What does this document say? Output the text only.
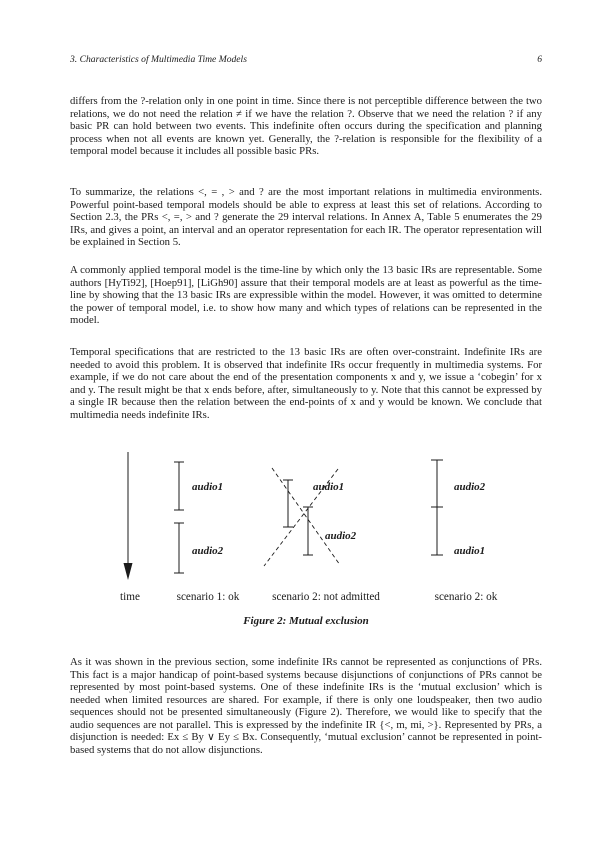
3. Characteristics of Multimedia Time Models	6

differs from the ?-relation only in one point in time. Since there is not perceptible difference between the two relations, we do not need the relation ≠ if we have the relation ?. Observe that we need the relation ? if any basic PR can hold between two events. This indefinite often occurs during the specification and planning process when not all events are known yet. Generally, the ?-relation is responsible for the flexibility of a temporal model because it includes all possible basic PRs.

To summarize, the relations <, = , > and ? are the most important relations in multimedia environments. Powerful point-based temporal models should be able to express at least this set of relations. According to Section 2.3, the PRs <, =, > and ? generate the 29 interval relations. In Annex A, Table 5 enumerates the 29 IRs, and gives a point, an interval and an operator representation for each IR. The operator representation will be explained in Section 5.

A commonly applied temporal model is the time-line by which only the 13 basic IRs are representable. Some authors [HyTi92], [Hoep91], [LiGh90] assure that their temporal models are at least as powerful as the time-line by showing that the 13 basic IRs are expressible within the model. However, it was omitted to determine the power of temporal model, i.e. to show how many and which types of relations can be represented in the model.

Temporal specifications that are restricted to the 13 basic IRs are often over-constraint. Indefinite IRs are needed to avoid this problem. It is observed that indefinite IRs occur frequently in multimedia systems. For example, if we do not care about the end of the presentation components x and y, we issue a ‘cobegin’ for x and y. The result might be that x ends before, after, simultaneously to y. Note that this cannot be expressed by a single IR because then the relation between the end-points of x and y would be known. We conclude that multimedia needs indefinite IRs.

time
audio1
audio2
scenario 1: ok
audio1
audio2
scenario 2: not admitted
audio2
audio1
scenario 2: ok
Figure 2: Mutual exclusion

As it was shown in the previous section, some indefinite IRs cannot be represented as conjunctions of PRs. This fact is a major handicap of point-based systems because disjunctions of conjunctions of PRs cannot be represented by most point-based systems. One of these indefinite IRs is the ‘mutual exclusion’ which is needed when limited resources are shared. For example, if there is only one loudspeaker, then two audio sequences should not be presented simultaneously (Figure 2). Therefore, we would like to specify that the audio sequences are not parallel. This is expressed by the indefinite IR {<, m, mi, >}. Represented by PRs, a disjunction is needed: Ex ≤ By ∨ Ey ≤ Bx. Consequently, ‘mutual exclusion’ cannot be represented in point-based systems that do not allow disjunctions.
